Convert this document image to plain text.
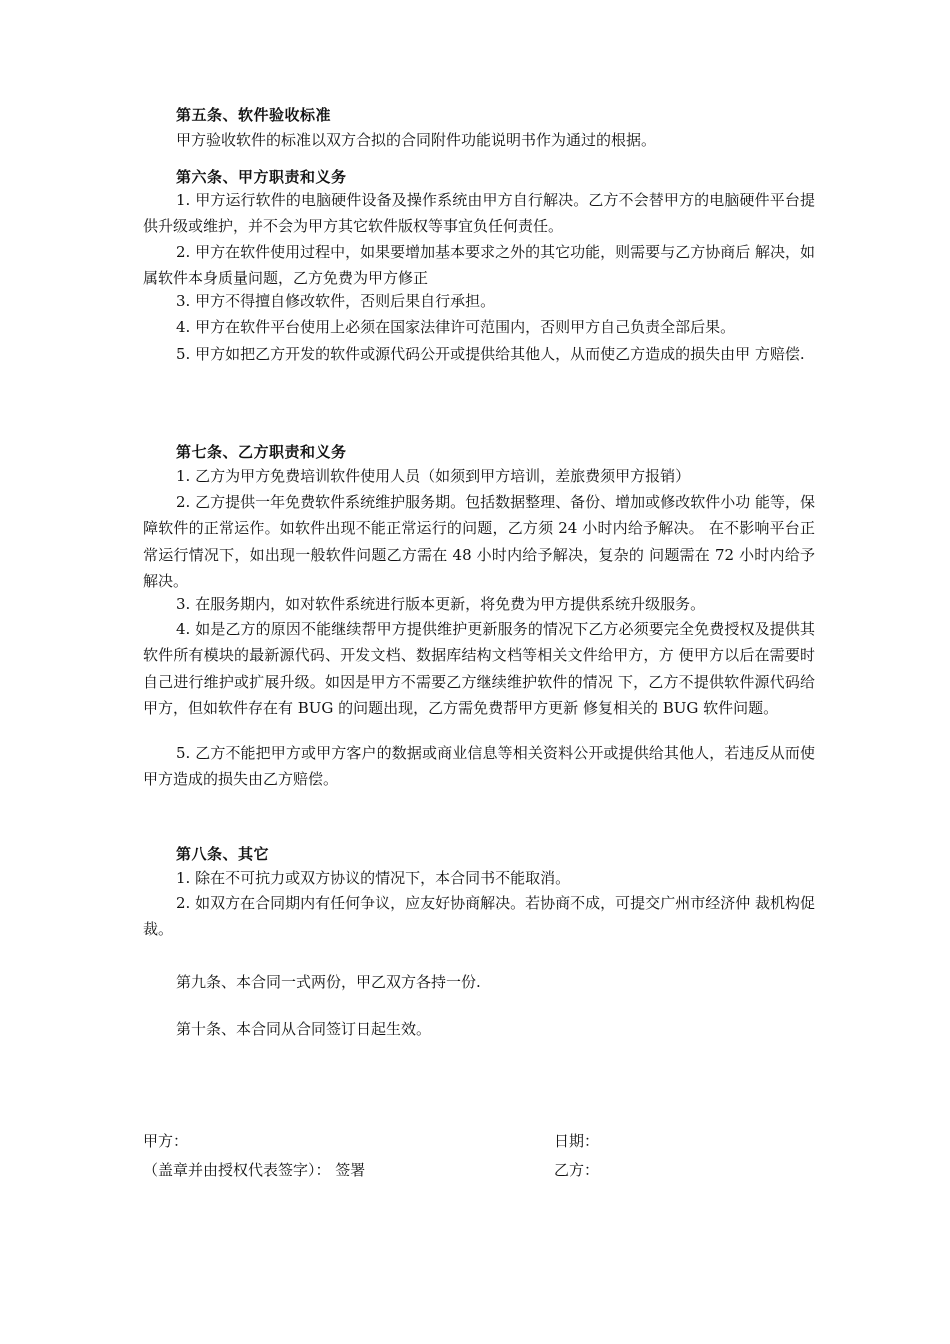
第五条、软件验收标准
甲方验收软件的标准以双方合拟的合同附件功能说明书作为通过的根据。
第六条、甲方职责和义务
1. 甲方运行软件的电脑硬件设备及操作系统由甲方自行解决。乙方不会替甲方的电脑硬件平台提供升级或维护，并不会为甲方其它软件版权等事宜负任何责任。
2. 甲方在软件使用过程中，如果要增加基本要求之外的其它功能，则需要与乙方协商后 解决，如属软件本身质量问题，乙方免费为甲方修正
3. 甲方不得擅自修改软件，否则后果自行承担。
4. 甲方在软件平台使用上必须在国家法律许可范围内，否则甲方自己负责全部后果。
5. 甲方如把乙方开发的软件或源代码公开或提供给其他人，从而使乙方造成的损失由甲 方赔偿.
第七条、乙方职责和义务
1. 乙方为甲方免费培训软件使用人员（如须到甲方培训，差旅费须甲方报销）
2. 乙方提供一年免费软件系统维护服务期。包括数据整理、备份、增加或修改软件小功 能等，保障软件的正常运作。如软件出现不能正常运行的问题，乙方须 24 小时内给予解决。 在不影响平台正常运行情况下，如出现一般软件问题乙方需在 48 小时内给予解决，复杂的 问题需在 72 小时内给予解决。
3. 在服务期内，如对软件系统进行版本更新，将免费为甲方提供系统升级服务。
4. 如是乙方的原因不能继续帮甲方提供维护更新服务的情况下乙方必须要完全免费授权及提供其软件所有模块的最新源代码、开发文档、数据库结构文档等相关文件给甲方，方 便甲方以后在需要时自己进行维护或扩展升级。如因是甲方不需要乙方继续维护软件的情况 下，乙方不提供软件源代码给甲方，但如软件存在有 BUG 的问题出现，乙方需免费帮甲方更新 修复相关的 BUG 软件问题。
5. 乙方不能把甲方或甲方客户的数据或商业信息等相关资料公开或提供给其他人，若违反从而使甲方造成的损失由乙方赔偿。
第八条、其它
1. 除在不可抗力或双方协议的情况下，本合同书不能取消。
2. 如双方在合同期内有任何争议，应友好协商解决。若协商不成，可提交广州市经济仲 裁机构促裁。
第九条、本合同一式两份，甲乙双方各持一份.
第十条、本合同从合同签订日起生效。
甲方：
（盖章并由授权代表签字）： 签署
日期：
乙方：
